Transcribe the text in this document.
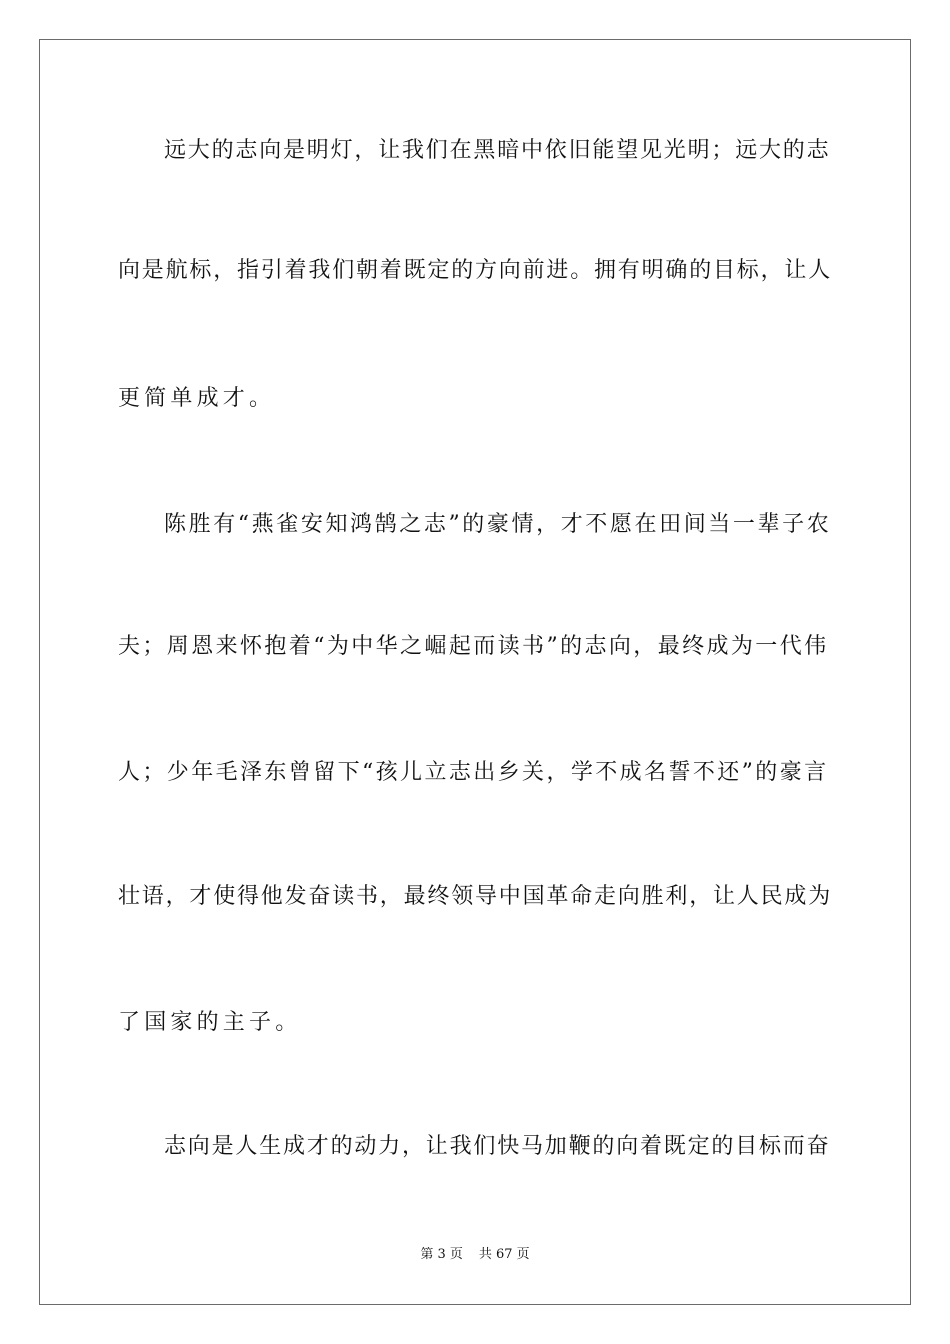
远大的志向是明灯，让我们在黑暗中依旧能望见光明；远大的志
向是航标，指引着我们朝着既定的方向前进。拥有明确的目标，让人
更简单成才。
陈胜有“燕雀安知鸿鹄之志”的豪情，才不愿在田间当一辈子农
夫；周恩来怀抱着“为中华之崛起而读书”的志向，最终成为一代伟
人；少年毛泽东曾留下“孩儿立志出乡关，学不成名誓不还”的豪言
壮语，才使得他发奋读书，最终领导中国革命走向胜利，让人民成为
了国家的主子。
志向是人生成才的动力，让我们快马加鞭的向着既定的目标而奋
第 3 页 共 67 页
